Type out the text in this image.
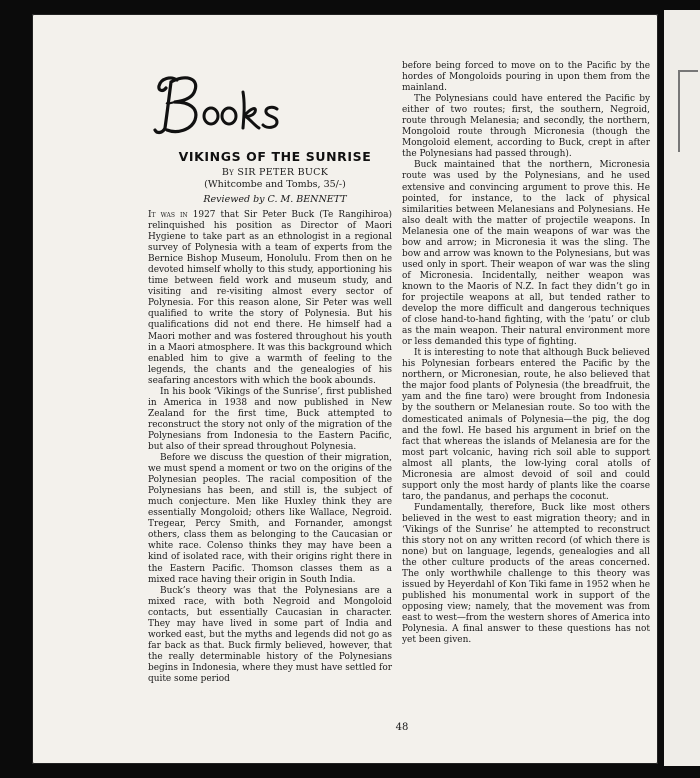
VIKINGS OF THE SUNRISE
By SIR PETER BUCK
(Whitcombe and Tombs, 35/-)
Reviewed by C. M. BENNETT

It was in 1927 that Sir Peter Buck (Te Rangihiroa) relinquished his position as Director of Maori Hygiene to take part as an ethnologist in a regional survey of Polynesia with a team of experts from the Bernice Bishop Museum, Honolulu. From then on he devoted himself wholly to this study, apportioning his time between field work and museum study, and visiting and re-visiting almost every sector of Polynesia. For this reason alone, Sir Peter was well qualified to write the story of Polynesia. But his qualifications did not end there. He himself had a Maori mother and was fostered throughout his youth in a Maori atmosphere. It was this background which enabled him to give a warmth of feeling to the legends, the chants and the genealogies of his seafaring ancestors with which the book abounds.

In his book ‘Vikings of the Sunrise’, first published in America in 1938 and now published in New Zealand for the first time, Buck attempted to reconstruct the story not only of the migration of the Polynesians from Indonesia to the Eastern Pacific, but also of their spread throughout Polynesia.

Before we discuss the question of their migration, we must spend a moment or two on the origins of the Polynesian peoples. The racial composition of the Polynesians has been, and still is, the subject of much conjecture. Men like Huxley think they are essentially Mongoloid; others like Wallace, Negroid. Tregear, Percy Smith, and Fornander, amongst others, class them as belonging to the Caucasian or white race. Colenso thinks they may have been a kind of isolated race, with their origins right there in the Eastern Pacific. Thomson classes them as a mixed race having their origin in South India.

Buck’s theory was that the Polynesians are a mixed race, with both Negroid and Mongoloid contacts, but essentially Caucasian in character. They may have lived in some part of India and worked east, but the myths and legends did not go as far back as that. Buck firmly believed, however, that the really determinable history of the Polynesians begins in Indonesia, where they must have settled for quite some period

before being forced to move on to the Pacific by the hordes of Mongoloids pouring in upon them from the mainland.

The Polynesians could have entered the Pacific by either of two routes; first, the southern, Negroid, route through Melanesia; and secondly, the northern, Mongoloid route through Micronesia (though the Mongoloid element, according to Buck, crept in after the Polynesians had passed through).

Buck maintained that the northern, Micronesia route was used by the Polynesians, and he used extensive and convincing argument to prove this. He pointed, for instance, to the lack of physical similarities between Melanesians and Polynesians. He also dealt with the matter of projectile weapons. In Melanesia one of the main weapons of war was the bow and arrow; in Micronesia it was the sling. The bow and arrow was known to the Polynesians, but was used only in sport. Their weapon of war was the sling of Micronesia. Incidentally, neither weapon was known to the Maoris of N.Z. In fact they didn’t go in for projectile weapons at all, but tended rather to develop the more difficult and dangerous techniques of close hand-to-hand fighting, with the ‘patu’ or club as the main weapon. Their natural environment more or less demanded this type of fighting.

It is interesting to note that although Buck believed his Polynesian forbears entered the Pacific by the northern, or Micronesian, route, he also believed that the major food plants of Polynesia (the breadfruit, the yam and the fine taro) were brought from Indonesia by the southern or Melanesian route. So too with the domesticated animals of Polynesia—the pig, the dog and the fowl. He based his argument in brief on the fact that whereas the islands of Melanesia are for the most part volcanic, having rich soil able to support almost all plants, the low-lying coral atolls of Micronesia are almost devoid of soil and could support only the most hardy of plants like the coarse taro, the pandanus, and perhaps the coconut.

Fundamentally, therefore, Buck like most others believed in the west to east migration theory; and in ‘Vikings of the Sunrise’ he attempted to reconstruct this story not on any written record (of which there is none) but on language, legends, genealogies and all the other culture products of the areas concerned. The only worthwhile challenge to this theory was issued by Heyerdahl of Kon Tiki fame in 1952 when he published his monumental work in support of the opposing view; namely, that the movement was from east to west—from the western shores of America into Polynesia. A final answer to these questions has not yet been given.

48
